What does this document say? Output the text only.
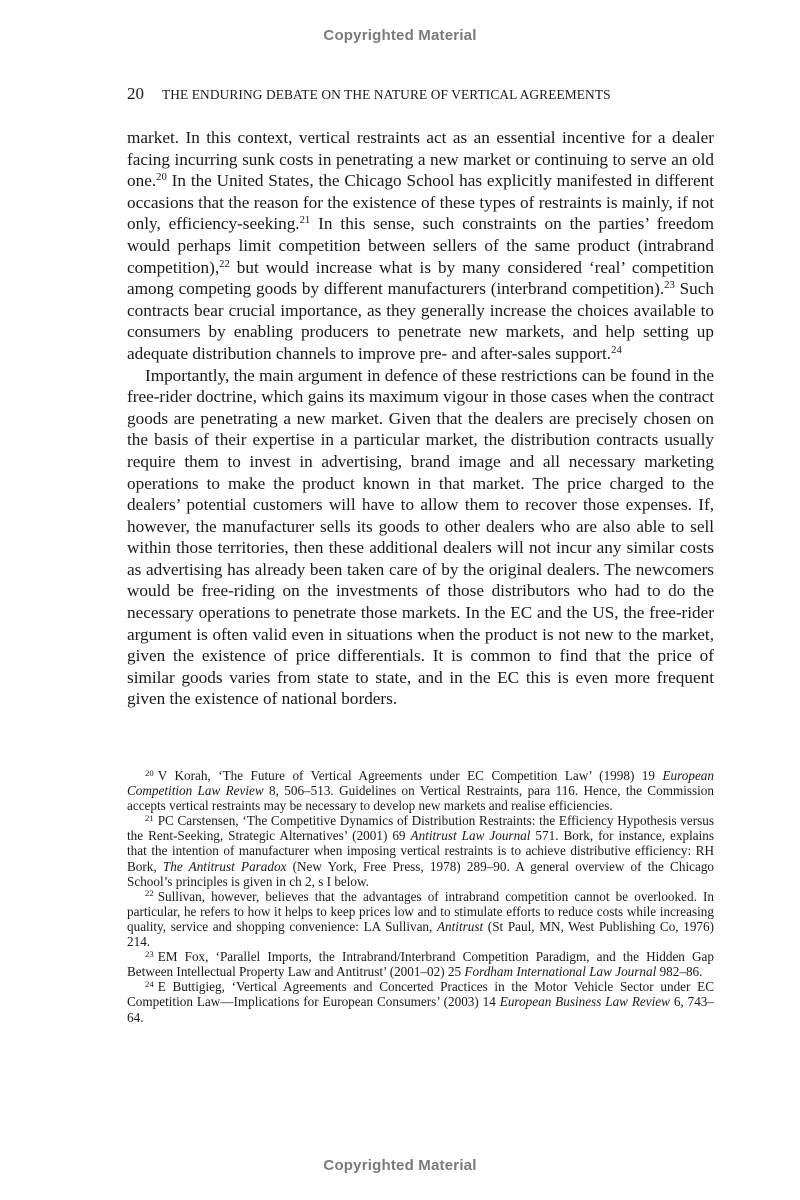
Copyrighted Material
20 THE ENDURING DEBATE ON THE NATURE OF VERTICAL AGREEMENTS

market. In this context, vertical restraints act as an essential incentive for a dealer facing incurring sunk costs in penetrating a new market or continuing to serve an old one.$^{20}$ In the United States, the Chicago School has explicitly manifested in different occasions that the reason for the existence of these types of restraints is mainly, if not only, efficiency-seeking.$^{21}$ In this sense, such constraints on the parties’ freedom would perhaps limit competition between sellers of the same product (intrabrand competition),$^{22}$ but would increase what is by many considered ‘real’ competition among competing goods by different manufacturers (interbrand competition).$^{23}$ Such contracts bear crucial importance, as they generally increase the choices available to consumers by enabling producers to penetrate new markets, and help setting up adequate distribution channels to improve pre- and after-sales support.$^{24}$

Importantly, the main argument in defence of these restrictions can be found in the free-rider doctrine, which gains its maximum vigour in those cases when the contract goods are penetrating a new market. Given that the dealers are precisely chosen on the basis of their expertise in a particular market, the distribution contracts usually require them to invest in advertising, brand image and all necessary marketing operations to make the product known in that market. The price charged to the dealers’ potential customers will have to allow them to recover those expenses. If, however, the manufacturer sells its goods to other dealers who are also able to sell within those territories, then these additional dealers will not incur any similar costs as advertising has already been taken care of by the original dealers. The newcomers would be free-riding on the investments of those distributors who had to do the necessary operations to penetrate those markets. In the EC and the US, the free-rider argument is often valid even in situations when the product is not new to the market, given the existence of price differentials. It is common to find that the price of similar goods varies from state to state, and in the EC this is even more frequent given the existence of national borders.

$^{20}$ V Korah, ‘The Future of Vertical Agreements under EC Competition Law’ (1998) 19 European Competition Law Review 8, 506–513. Guidelines on Vertical Restraints, para 116. Hence, the Commission accepts vertical restraints may be necessary to develop new markets and realise efficiencies.

$^{21}$ PC Carstensen, ‘The Competitive Dynamics of Distribution Restraints: the Efficiency Hypothesis versus the Rent-Seeking, Strategic Alternatives’ (2001) 69 Antitrust Law Journal 571. Bork, for instance, explains that the intention of manufacturer when imposing vertical restraints is to achieve distributive efficiency: RH Bork, The Antitrust Paradox (New York, Free Press, 1978) 289–90. A general overview of the Chicago School’s principles is given in ch 2, s I below.

$^{22}$ Sullivan, however, believes that the advantages of intrabrand competition cannot be overlooked. In particular, he refers to how it helps to keep prices low and to stimulate efforts to reduce costs while increasing quality, service and shopping convenience: LA Sullivan, Antitrust (St Paul, MN, West Publishing Co, 1976) 214.

$^{23}$ EM Fox, ‘Parallel Imports, the Intrabrand/Interbrand Competition Paradigm, and the Hidden Gap Between Intellectual Property Law and Antitrust’ (2001–02) 25 Fordham International Law Journal 982–86.

$^{24}$ E Buttigieg, ‘Vertical Agreements and Concerted Practices in the Motor Vehicle Sector under EC Competition Law—Implications for European Consumers’ (2003) 14 European Business Law Review 6, 743–64.

Copyrighted Material
